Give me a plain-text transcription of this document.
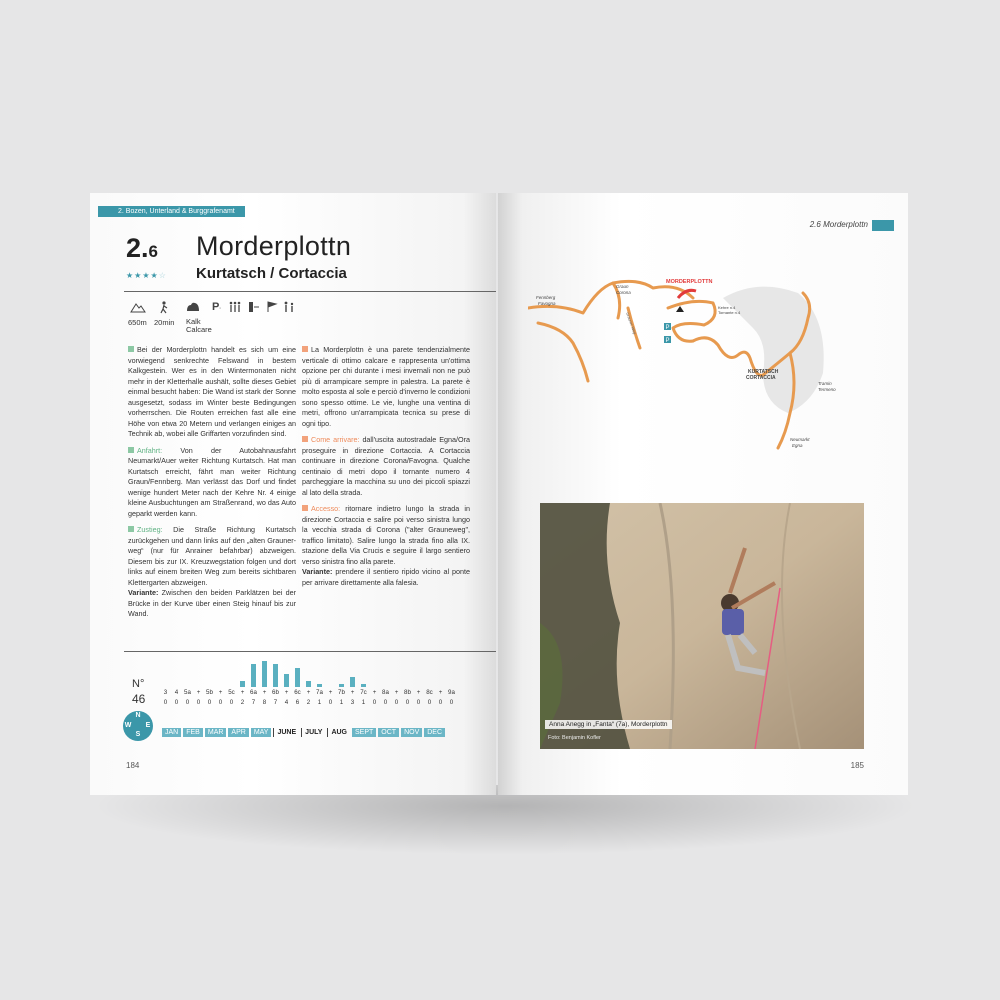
2. Bozen, Unterland & Burggrafenamt
2.6 Morderplottn
★★★★☆ Kurtatsch / Cortaccia
P·
650m 20min Kalk
Calcare

Bei der Morderplottn handelt es sich um eine vorwiegend senkrechte Felswand in bestem Kalkgestein. Wer es in den Wintermonaten nicht mehr in der Kletterhalle aushält, sollte dieses Gebiet einmal besucht haben: Die Wand ist stark der Sonne ausgesetzt, sodass im Winter beste Bedingungen vorherrschen. Die Routen erreichen fast alle eine Höhe von etwa 20 Metern und verlangen einiges an Technik ab, wobei alle Griffarten vorzufinden sind.

Anfahrt:	Von der Autobahnausfahrt Neumarkt/Auer weiter Richtung Kurtatsch. Hat man Kurtatsch erreicht, fährt man weiter Richtung Graun/Fennberg. Man verlässt das Dorf und findet wenige hundert Meter nach der Kehre Nr. 4 einige kleine Ausbuchtungen am Straßenrand, wo das Auto geparkt werden kann.

Zustieg: Die Straße Richtung Kurtatsch zurückgehen und dann links auf den „alten Graunerweg“ (nur für Anrainer befahrbar) abzweigen. Diesem bis zur IX. Kreuzwegstation folgen und dort links auf einem breiten Weg zum bereits sichtbaren Klettergarten abzweigen.
Variante: Zwischen den beiden Parklätzen bei der Brücke in der Kurve über einen Steig hinauf bis zur Wand.

La Morderplottn è una parete tendenzialmente verticale di ottimo calcare e rappresenta un'ottima opzione per chi durante i mesi invernali non ne può più di arrampicare sempre in palestra. La parete è molto esposta al sole e perciò d'inverno le condizioni sono spesso ottime. Le vie, lunghe una ventina di metri, offrono un'arrampicata tecnica su prese di ogni tipo.

Come arrivare: dall'uscita autostradale Egna/Ora proseguire in direzione Cortaccia. A Cortaccia continuare in direzione Corona/Favogna. Qualche centinaio di metri dopo il tornante numero 4 parcheggiare la macchina su uno dei piccoli spiazzi al lato della strada.

Accesso: ritornare indietro lungo la strada in direzione Cortaccia e salire poi verso sinistra lungo la vecchia strada di Corona ("alter Grauneweg", traffico limitato). Salire lungo la strada fino alla IX. stazione della Via Crucis e seguire il largo sentiero verso sinistra fino alla parete.
Variante: prendere il sentiero ripido vicino al ponte per arrivare direttamente alla falesia.

N°
46	3	4 5a + 5b + 5c + 6a + 6b + 6c + 7a + 7b + 7c + 8a + 8b + 8c + 9a
0	0	0	0	0	0	0	2	7	8	7	4	6	2	1	0	1	3	1	0	0	0	0	0	0	0	0
N
S
W E
JAN FEB MAR APR MAY JUNE JULY AUG SEPT OCT NOV DEC
184
2.6 Morderplottn
P
P
MORDERPLOTTN
Fennberg Favogna
Graun Corona
Kehre n.4 Tornante n.4
KURTATSCH CORTACCIA
Tramin Termeno
Neumarkt Egna
Grauner Weg
Anna Anegg in „Fanta“ (7a), Morderplottn
Foto: Benjamin Kofler
185
